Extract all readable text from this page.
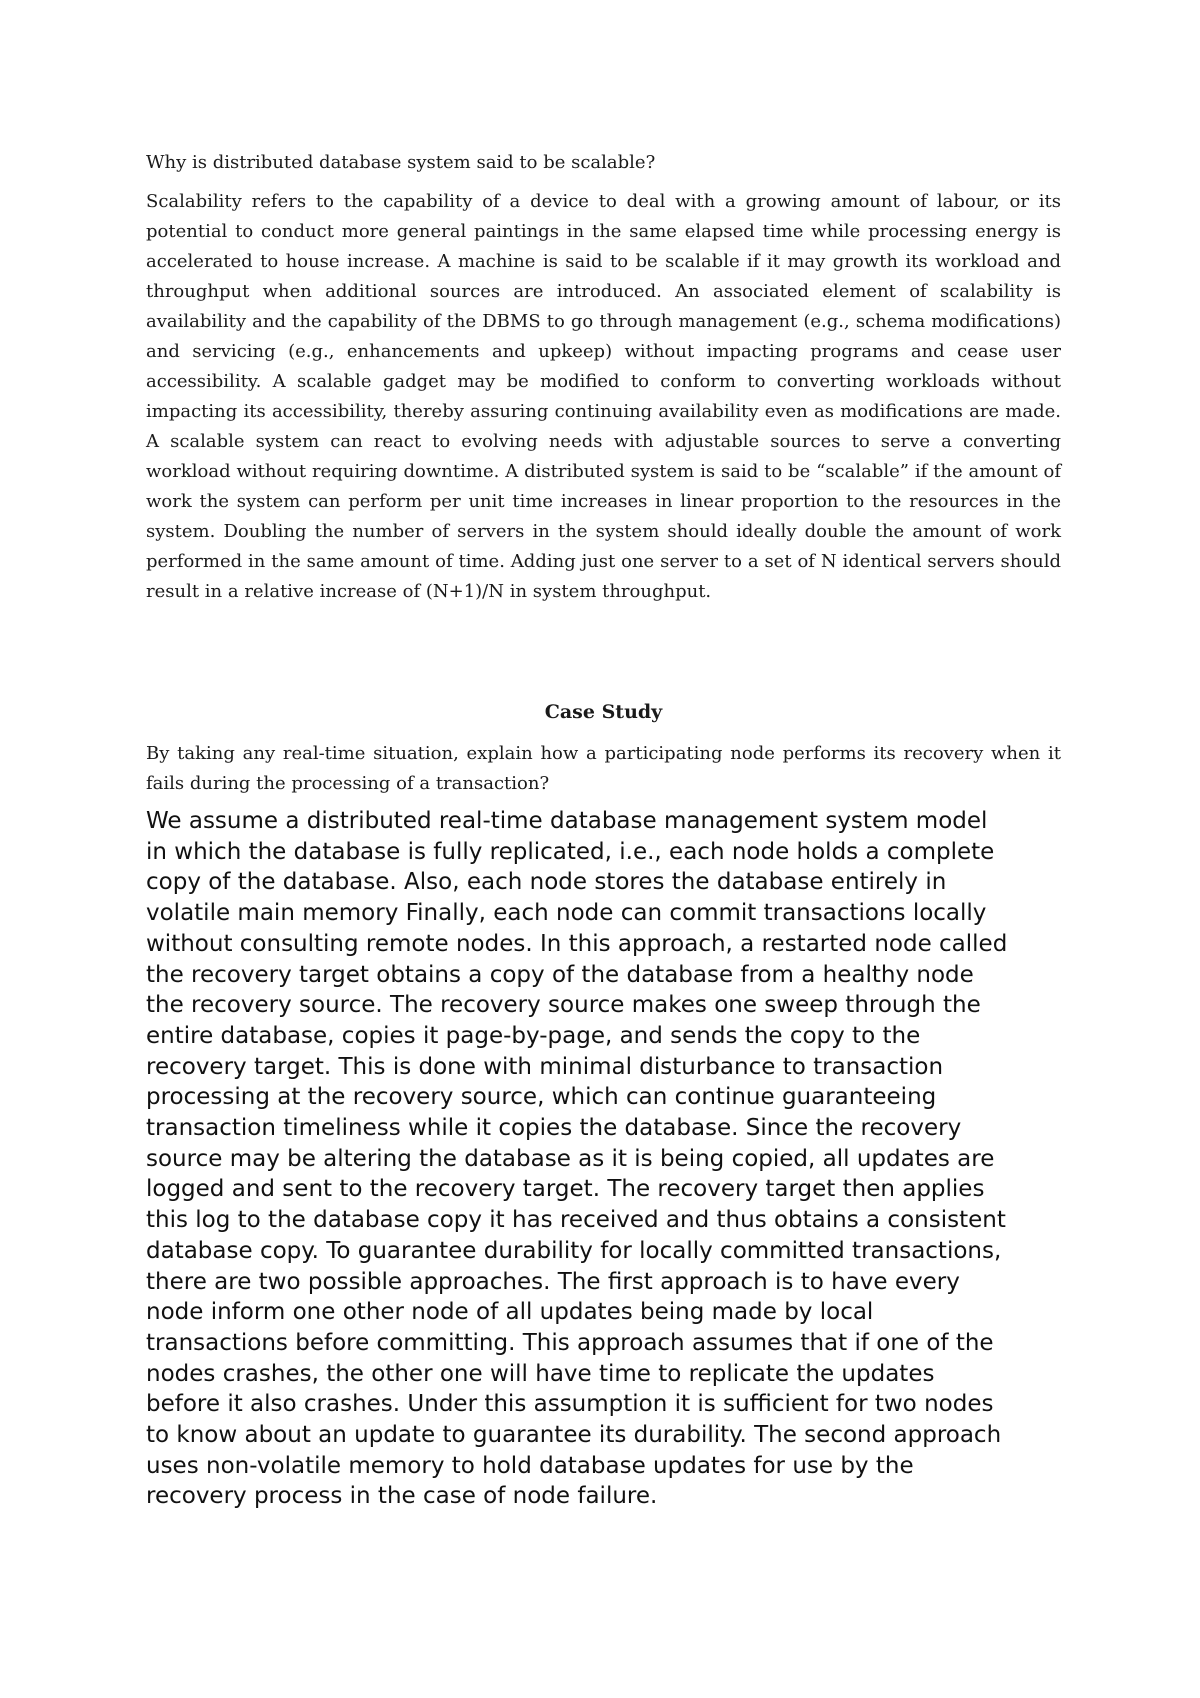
Why is distributed database system said to be scalable?

Scalability refers to the capability of a device to deal with a growing amount of labour, or its potential to conduct more general paintings in the same elapsed time while processing energy is accelerated to house increase. A machine is said to be scalable if it may growth its workload and throughput when additional sources are introduced. An associated element of scalability is availability and the capability of the DBMS to go through management (e.g., schema modifications) and servicing (e.g., enhancements and upkeep) without impacting programs and cease user accessibility. A scalable gadget may be modified to conform to converting workloads without impacting its accessibility, thereby assuring continuing availability even as modifications are made. A scalable system can react to evolving needs with adjustable sources to serve a converting workload without requiring downtime. A distributed system is said to be “scalable” if the amount of work the system can perform per unit time increases in linear proportion to the resources in the system. Doubling the number of servers in the system should ideally double the amount of work performed in the same amount of time. Adding just one server to a set of N identical servers should result in a relative increase of (N+1)/N in system throughput.

Case Study

By taking any real-time situation, explain how a participating node performs its recovery when it fails during the processing of a transaction?

We assume a distributed real-time database management system model
in which the database is fully replicated, i.e., each node holds a complete
copy of the database. Also, each node stores the database entirely in
volatile main memory Finally, each node can commit transactions locally
without consulting remote nodes. In this approach, a restarted node called
the recovery target obtains a copy of the database from a healthy node
the recovery source. The recovery source makes one sweep through the
entire database, copies it page-by-page, and sends the copy to the
recovery target. This is done with minimal disturbance to transaction
processing at the recovery source, which can continue guaranteeing
transaction timeliness while it copies the database. Since the recovery
source may be altering the database as it is being copied, all updates are
logged and sent to the recovery target. The recovery target then applies
this log to the database copy it has received and thus obtains a consistent
database copy. To guarantee durability for locally committed transactions,
there are two possible approaches. The first approach is to have every
node inform one other node of all updates being made by local
transactions before committing. This approach assumes that if one of the
nodes crashes, the other one will have time to replicate the updates
before it also crashes. Under this assumption it is sufficient for two nodes
to know about an update to guarantee its durability. The second approach
uses non-volatile memory to hold database updates for use by the
recovery process in the case of node failure.
